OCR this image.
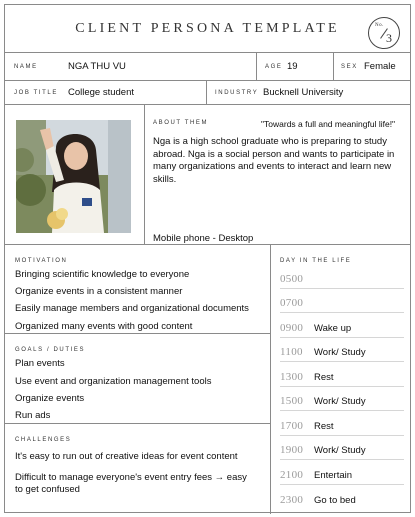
CLIENT PERSONA TEMPLATE	No.
3
NAME	NGA THU VU	AGE 19	SEX Female
JOB TITLE College student	INDUSTRY Bucknell University
ABOUT THEM	"Towards a full and meaningful life!"
Nga is a high school graduate who is preparing to study abroad. Nga is a social person and wants to participate in many organizations and events to interact and learn new skills.
Mobile phone - Desktop
MOTIVATION
Bringing scientific knowledge to everyone
Organize events in a consistent manner
Easily manage members and organizational documents
Organized many events with good content
GOALS / DUTIES
Plan events
Use event and organization management tools
Organize events
Run ads
CHALLENGES
It's easy to run out of creative ideas for event content
Difficult to manage everyone's event entry fees → easy
to get confused
DAY IN THE LIFE
0500
0700
0900 Wake up
1100 Work/ Study
1300 Rest
1500 Work/ Study
1700 Rest
1900 Work/ Study
2100 Entertain
2300 Go to bed
